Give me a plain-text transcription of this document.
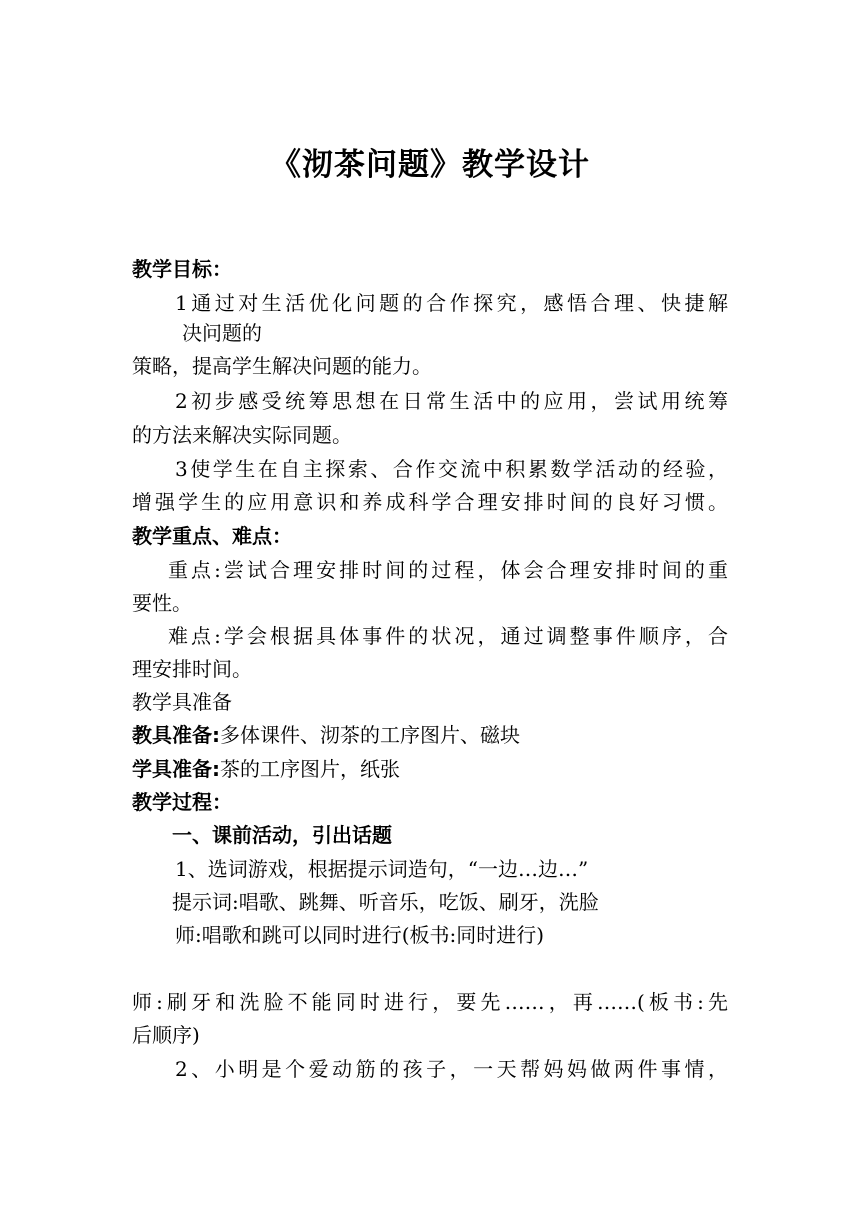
《沏茶问题》教学设计
教学目标：
1通过对生活优化问题的合作探究，感悟合理、快捷解
决问题的
策略，提高学生解决问题的能力。
2初步感受统筹思想在日常生活中的应用，尝试用统筹
的方法来解决实际同题。
3使学生在自主探索、合作交流中积累数学活动的经验，
增强学生的应用意识和养成科学合理安排时间的良好习惯。
教学重点、难点：
重点:尝试合理安排时间的过程，体会合理安排时间的重
要性。
难点:学会根据具体事件的状况，通过调整事件顺序，合
理安排时间。
教学具准备
教具准备:多体课件、沏茶的工序图片、磁块
学具准备:茶的工序图片，纸张
教学过程：
一、课前活动，引出话题
1、选词游戏，根据提示词造句，“一边…边…”
提示词:唱歌、跳舞、听音乐，吃饭、刷牙，洗脸
师:唱歌和跳可以同时进行(板书:同时进行)
师:刷牙和洗脸不能同时进行，要先……，再……(板书:先
后顺序)
2、小明是个爱动筋的孩子，一天帮妈妈做两件事情，
